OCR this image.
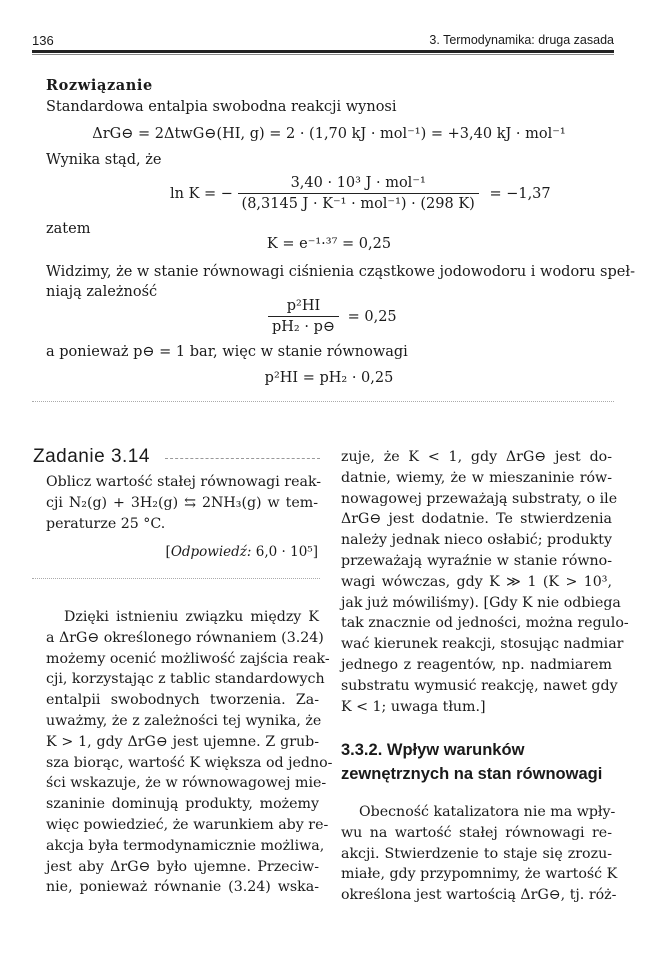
136	3. Termodynamika: druga zasada
Rozwiązanie
Standardowa entalpia swobodna reakcji wynosi
ΔrG⊖ = 2ΔtwG⊖(HI, g) = 2 · (1,70 kJ · mol⁻¹) = +3,40 kJ · mol⁻¹
Wynika stąd, że
ln K = − $\frac{\text{3,40 · 10³ J · mol⁻¹}}{\text{(8,3145 J · K⁻¹ · mol⁻¹) · (298 K)}} = -1,37$
zatem
K = e⁻¹·³⁷ = 0,25
Widzimy, że w stanie równowagi ciśnienia cząstkowe jodowodoru i wodoru speł-
niają zależność
$\frac{\text{p²HI}}{\text{pH₂ · p⊖}} = 0,25$
a ponieważ p⊖ = 1 bar, więc w stanie równowagi
p²HI = pH₂ · 0,25
Zadanie 3.14
Oblicz wartość stałej równowagi reak-
cji N₂(g) + 3H₂(g) ⇆ 2NH₃(g) w tem-
peraturze 25 °C.
[Odpowiedź: 6,0 · 10⁵]
Dzięki istnieniu związku między K
a ΔrG⊖ określonego równaniem (3.24)
możemy ocenić możliwość zajścia reak-
cji, korzystając z tablic standardowych
entalpii swobodnych tworzenia. Za-
uważmy, że z zależności tej wynika, że
K > 1, gdy ΔrG⊖ jest ujemne. Z grub-
sza biorąc, wartość K większa od jedno-
ści wskazuje, że w równowagowej mie-
szaninie dominują produkty, możemy
więc powiedzieć, że warunkiem aby re-
akcja była termodynamicznie możliwa,
jest aby ΔrG⊖ było ujemne. Przeciw-
nie, ponieważ równanie (3.24) wska-
zuje, że K < 1, gdy ΔrG⊖ jest do-
datnie, wiemy, że w mieszaninie rów-
nowagowej przeważają substraty, o ile
ΔrG⊖ jest dodatnie. Te stwierdzenia
należy jednak nieco osłabić; produkty
przeważają wyraźnie w stanie równo-
wagi wówczas, gdy K ≫ 1 (K > 10³,
jak już mówiliśmy). [Gdy K nie odbiega
tak znacznie od jedności, można regulo-
wać kierunek reakcji, stosując nadmiar
jednego z reagentów, np. nadmiarem
substratu wymusić reakcję, nawet gdy
K < 1; uwaga tłum.]
3.3.2. Wpływ warunków
zewnętrznych na stan równowagi
Obecność katalizatora nie ma wpły-
wu na wartość stałej równowagi re-
akcji. Stwierdzenie to staje się zrozu-
miałe, gdy przypomnimy, że wartość K
określona jest wartością ΔrG⊖, tj. róż-
